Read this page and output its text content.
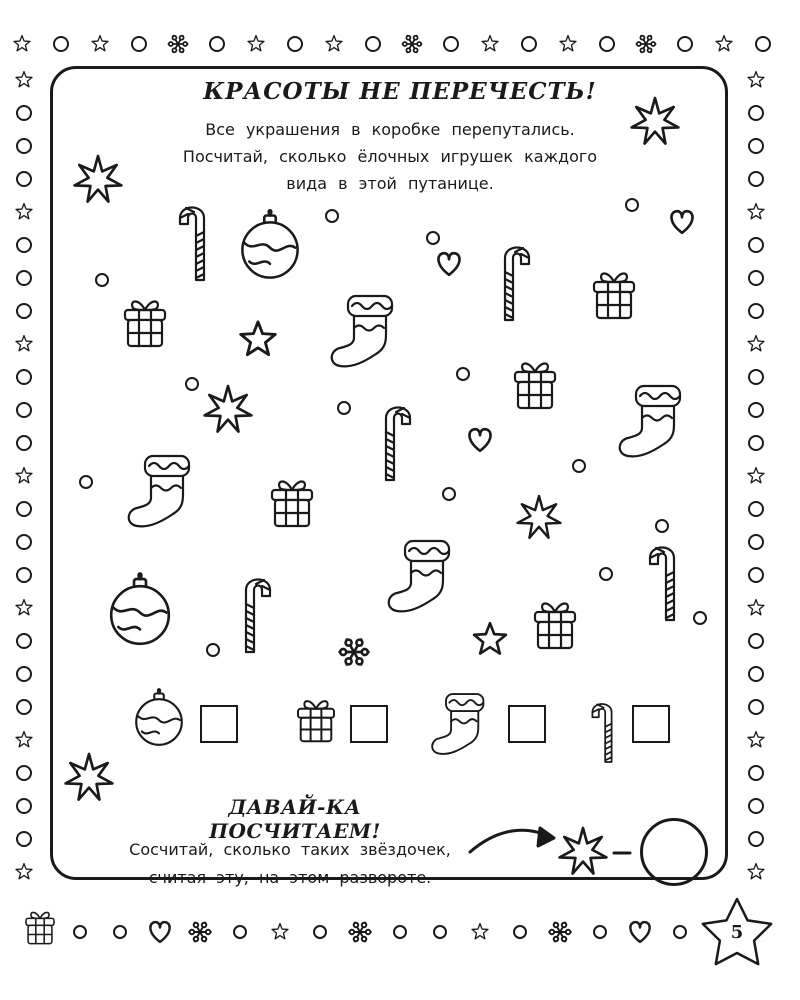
КРАСОТЫ НЕ ПЕРЕЧЕСТЬ!
Все украшения в коробке перепутались.
Посчитай, сколько ёлочных игрушек каждого
вида в этой путанице.
ДАВАЙ-КА ПОСЧИТАЕМ!
Сосчитай, сколько таких звёздочек,
считая эту, на этом развороте.
5
